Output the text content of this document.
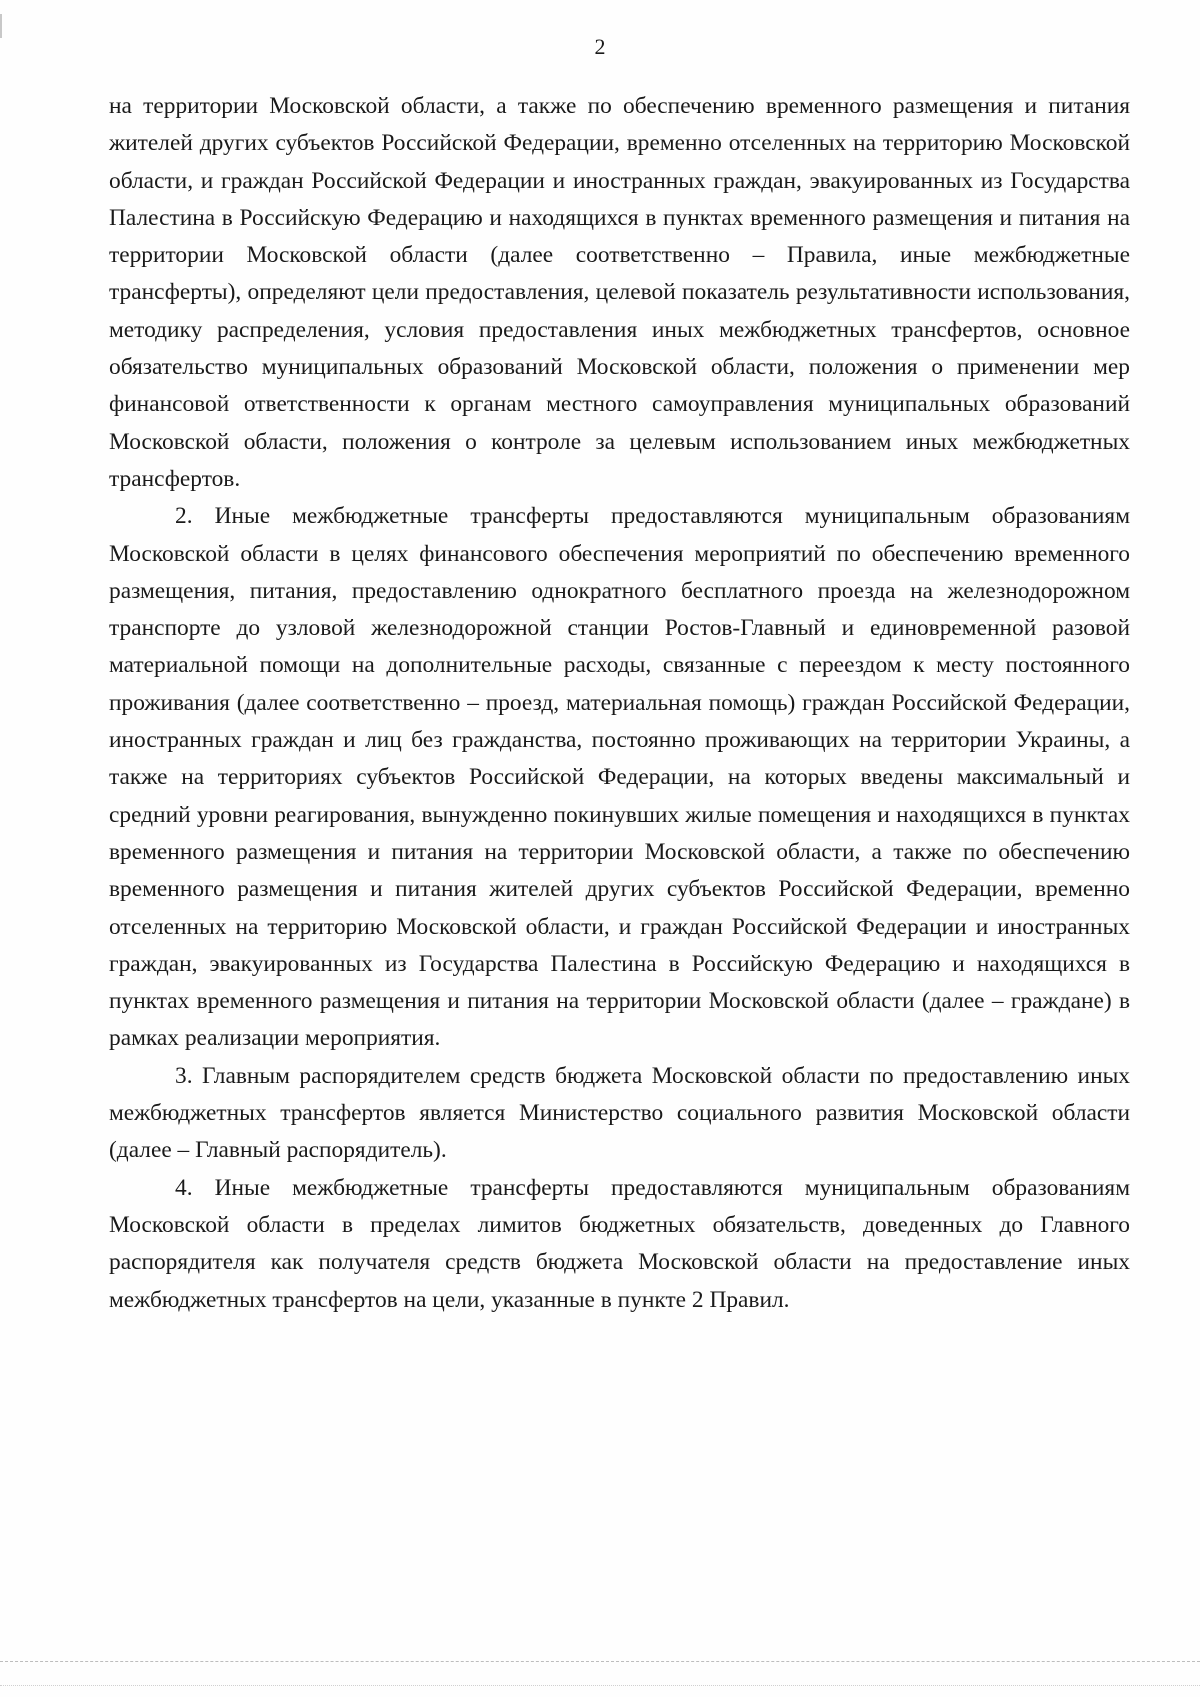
2

на территории Московской области, а также по обеспечению временного размещения и питания жителей других субъектов Российской Федерации, временно отселенных на территорию Московской области, и граждан Российской Федерации и иностранных граждан, эвакуированных из Государства Палестина в Российскую Федерацию и находящихся в пунктах временного размещения и питания на территории Московской области (далее соответственно – Правила, иные межбюджетные трансферты), определяют цели предоставления, целевой показатель результативности использования, методику распределения, условия предоставления иных межбюджетных трансфертов, основное обязательство муниципальных образований Московской области, положения о применении мер финансовой ответственности к органам местного самоуправления муниципальных образований Московской области, положения о контроле за целевым использованием иных межбюджетных трансфертов.

2. Иные межбюджетные трансферты предоставляются муниципальным образованиям Московской области в целях финансового обеспечения мероприятий по обеспечению временного размещения, питания, предоставлению однократного бесплатного проезда на железнодорожном транспорте до узловой железнодорожной станции Ростов-Главный и единовременной разовой материальной помощи на дополнительные расходы, связанные с переездом к месту постоянного проживания (далее соответственно – проезд, материальная помощь) граждан Российской Федерации, иностранных граждан и лиц без гражданства, постоянно проживающих на территории Украины, а также на территориях субъектов Российской Федерации, на которых введены максимальный и средний уровни реагирования, вынужденно покинувших жилые помещения и находящихся в пунктах временного размещения и питания на территории Московской области, а также по обеспечению временного размещения и питания жителей других субъектов Российской Федерации, временно отселенных на территорию Московской области, и граждан Российской Федерации и иностранных граждан, эвакуированных из Государства Палестина в Российскую Федерацию и находящихся в пунктах временного размещения и питания на территории Московской области (далее – граждане) в рамках реализации мероприятия.

3. Главным распорядителем средств бюджета Московской области по предоставлению иных межбюджетных трансфертов является Министерство социального развития Московской области (далее – Главный распорядитель).

4. Иные межбюджетные трансферты предоставляются муниципальным образованиям Московской области в пределах лимитов бюджетных обязательств, доведенных до Главного распорядителя как получателя средств бюджета Московской области на предоставление иных межбюджетных трансфертов на цели, указанные в пункте 2 Правил.
